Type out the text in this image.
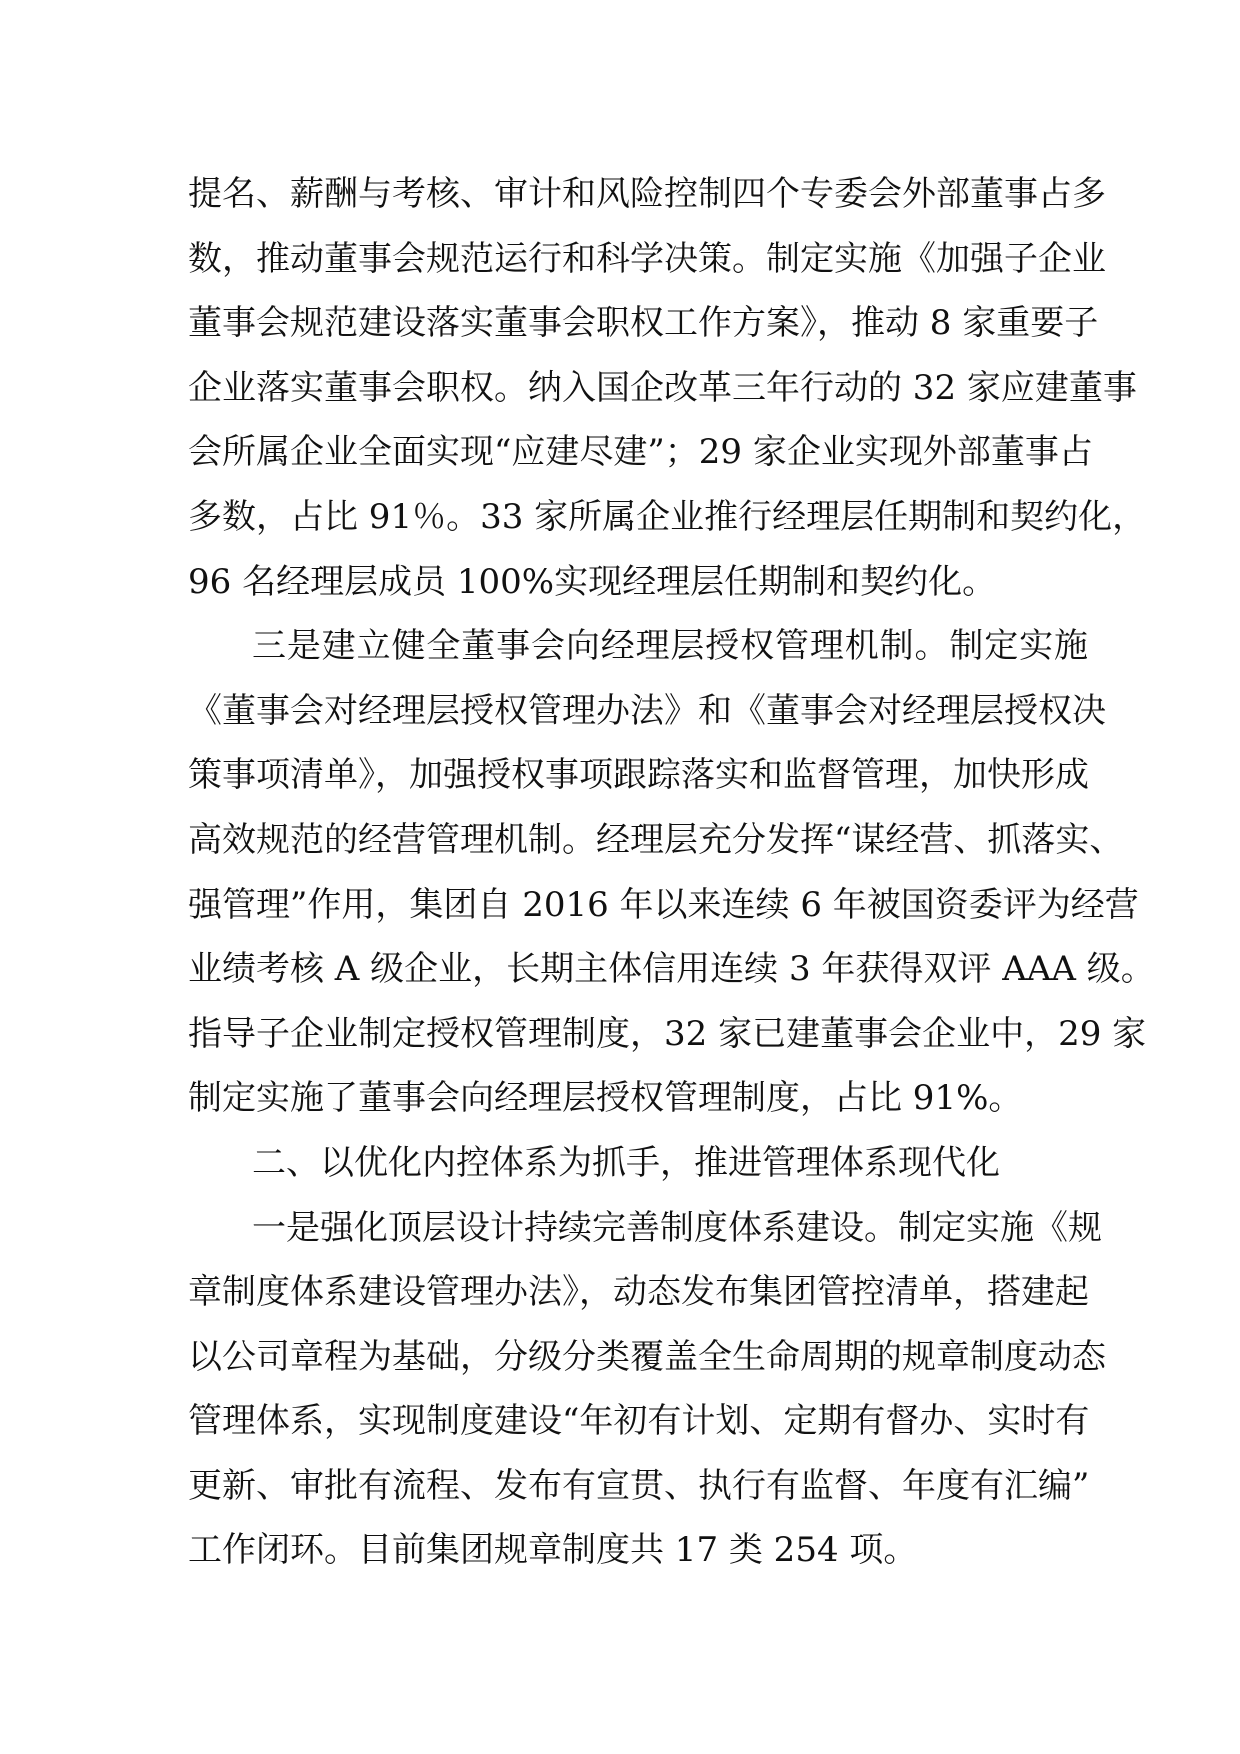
提名、薪酬与考核、审计和风险控制四个专委会外部董事占多
数，推动董事会规范运行和科学决策。制定实施《加强子企业
董事会规范建设落实董事会职权工作方案》，推动 8 家重要子
企业落实董事会职权。纳入国企改革三年行动的 32 家应建董事
会所属企业全面实现“应建尽建”；29 家企业实现外部董事占
多数，占比 91％。33 家所属企业推行经理层任期制和契约化，
96 名经理层成员 100%实现经理层任期制和契约化。
三是建立健全董事会向经理层授权管理机制。制定实施
《董事会对经理层授权管理办法》和《董事会对经理层授权决
策事项清单》，加强授权事项跟踪落实和监督管理，加快形成
高效规范的经营管理机制。经理层充分发挥“谋经营、抓落实、
强管理”作用，集团自 2016 年以来连续 6 年被国资委评为经营
业绩考核 A 级企业，长期主体信用连续 3 年获得双评 AAA 级。
指导子企业制定授权管理制度，32 家已建董事会企业中，29 家
制定实施了董事会向经理层授权管理制度，占比 91%。
二、以优化内控体系为抓手，推进管理体系现代化
一是强化顶层设计持续完善制度体系建设。制定实施《规
章制度体系建设管理办法》，动态发布集团管控清单，搭建起
以公司章程为基础，分级分类覆盖全生命周期的规章制度动态
管理体系，实现制度建设“年初有计划、定期有督办、实时有
更新、审批有流程、发布有宣贯、执行有监督、年度有汇编”
工作闭环。目前集团规章制度共 17 类 254 项。
